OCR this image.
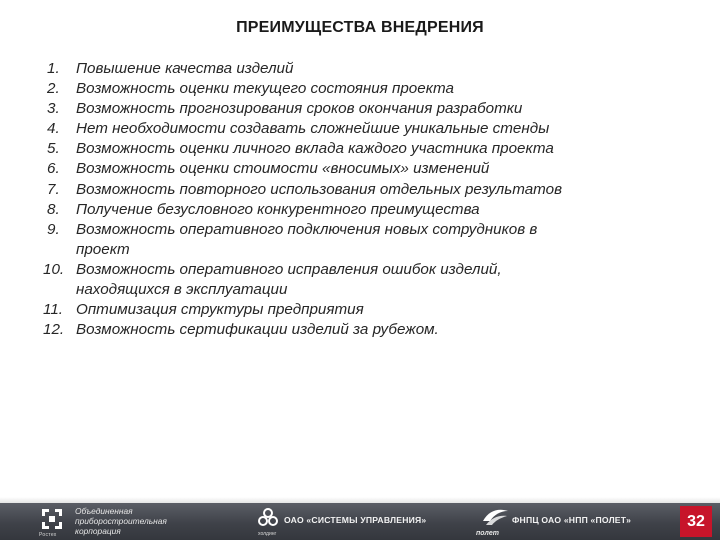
ПРЕИМУЩЕСТВА ВНЕДРЕНИЯ
1. Повышение качества изделий
2. Возможность оценки текущего состояния проекта
3. Возможность прогнозирования сроков окончания разработки
4. Нет необходимости создавать сложнейшие уникальные стенды
5. Возможность оценки личного вклада каждого участника проекта
6. Возможность оценки стоимости «вносимых» изменений
7. Возможность повторного использования отдельных результатов
8. Получение безусловного конкурентного преимущества
9. Возможность оперативного подключения новых сотрудников в
проект
10. Возможность оперативного исправления ошибок изделий,
находящихся в эксплуатации
11. Оптимизация структуры предприятия
12. Возможность сертификации изделий за рубежом.
Ростех
Объединенная
приборостроительная
корпорация	холдинг
ОАО «СИСТЕМЫ УПРАВЛЕНИЯ»
полет
ФНПЦ ОАО «НПП «ПОЛЕТ»	32
